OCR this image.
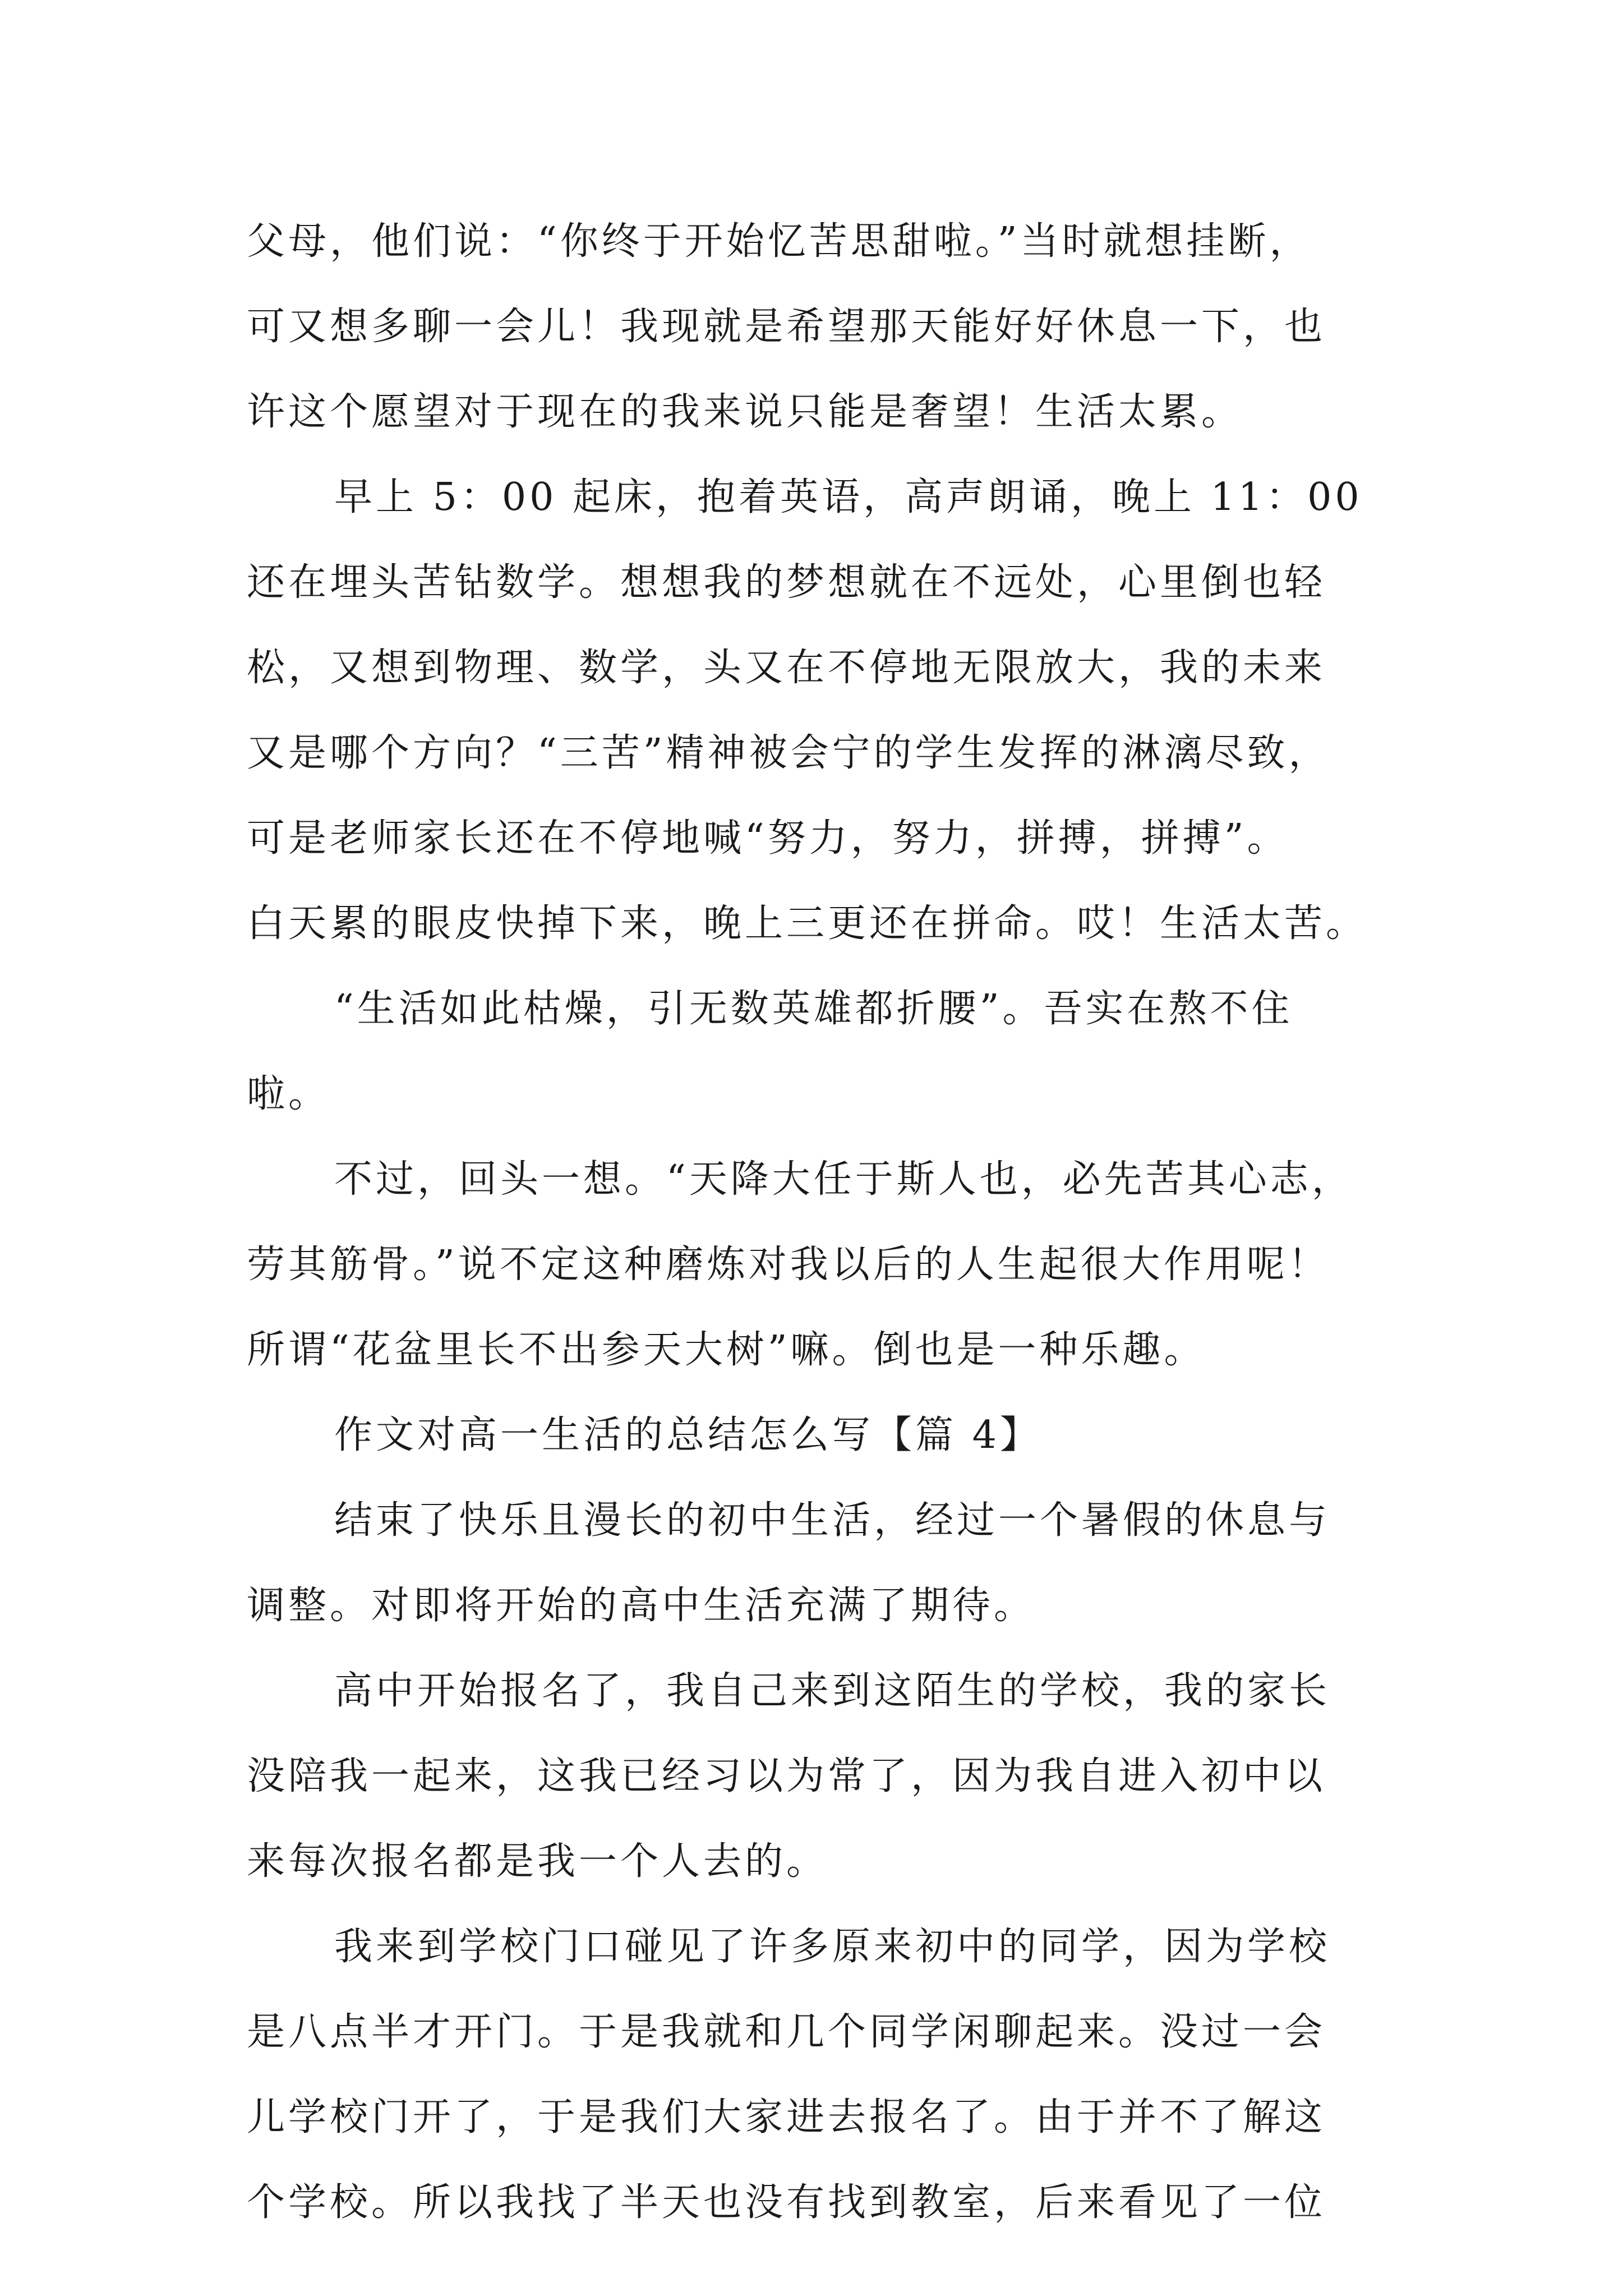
父母，他们说：“你终于开始忆苦思甜啦。”当时就想挂断，
可又想多聊一会儿！我现就是希望那天能好好休息一下，也
许这个愿望对于现在的我来说只能是奢望！生活太累。
早上 5：00 起床，抱着英语，高声朗诵，晚上 11：00
还在埋头苦钻数学。想想我的梦想就在不远处，心里倒也轻
松，又想到物理、数学，头又在不停地无限放大，我的未来
又是哪个方向？“三苦”精神被会宁的学生发挥的淋漓尽致，
可是老师家长还在不停地喊“努力，努力，拼搏，拼搏”。
白天累的眼皮快掉下来，晚上三更还在拼命。哎！生活太苦。
“生活如此枯燥，引无数英雄都折腰”。吾实在熬不住
啦。
不过，回头一想。“天降大任于斯人也，必先苦其心志，
劳其筋骨。”说不定这种磨炼对我以后的人生起很大作用呢！
所谓“花盆里长不出参天大树”嘛。倒也是一种乐趣。
作文对高一生活的总结怎么写【篇 4】
结束了快乐且漫长的初中生活，经过一个暑假的休息与
调整。对即将开始的高中生活充满了期待。
高中开始报名了，我自己来到这陌生的学校，我的家长
没陪我一起来，这我已经习以为常了，因为我自进入初中以
来每次报名都是我一个人去的。
我来到学校门口碰见了许多原来初中的同学，因为学校
是八点半才开门。于是我就和几个同学闲聊起来。没过一会
儿学校门开了，于是我们大家进去报名了。由于并不了解这
个学校。所以我找了半天也没有找到教室，后来看见了一位
